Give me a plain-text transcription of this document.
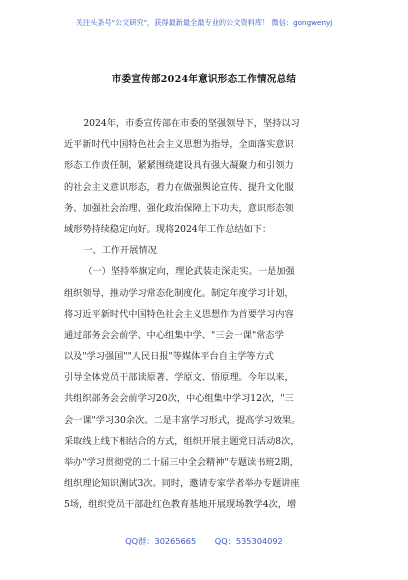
关注头条号"公文研究"，获得最新最全最专业的公文资料库！ 微信：gongwenyj
市委宣传部2024年意识形态工作情况总结
2024年，市委宣传部在市委的坚强领导下，坚持以习
近平新时代中国特色社会主义思想为指导，全面落实意识
形态工作责任制，紧紧围绕建设具有强大凝聚力和引领力
的社会主义意识形态，着力在做强舆论宣传、提升文化服
务、加强社会治理、强化政治保障上下功夫，意识形态领
域形势持续稳定向好。现将2024年工作总结如下：
一、工作开展情况
（一）坚持举旗定向，理论武装走深走实。一是加强
组织领导，推动学习常态化制度化。制定年度学习计划，
将习近平新时代中国特色社会主义思想作为首要学习内容
通过部务会会前学、中心组集中学、"三会一课"常态学
以及"学习强国""人民日报"等媒体平台自主学等方式
引导全体党员干部读原著、学原文、悟原理。今年以来，
共组织部务会会前学习20次，中心组集中学习12次，"三
会一课"学习30余次。二是丰富学习形式，提高学习效果。
采取线上线下相结合的方式，组织开展主题党日活动8次，
举办"学习贯彻党的二十届三中全会精神"专题读书班2期，
组织理论知识测试3次。同时，邀请专家学者举办专题讲座
5场，组织党员干部赴红色教育基地开展现场教学4次，增
QQ群：30265665 QQ：535304092
